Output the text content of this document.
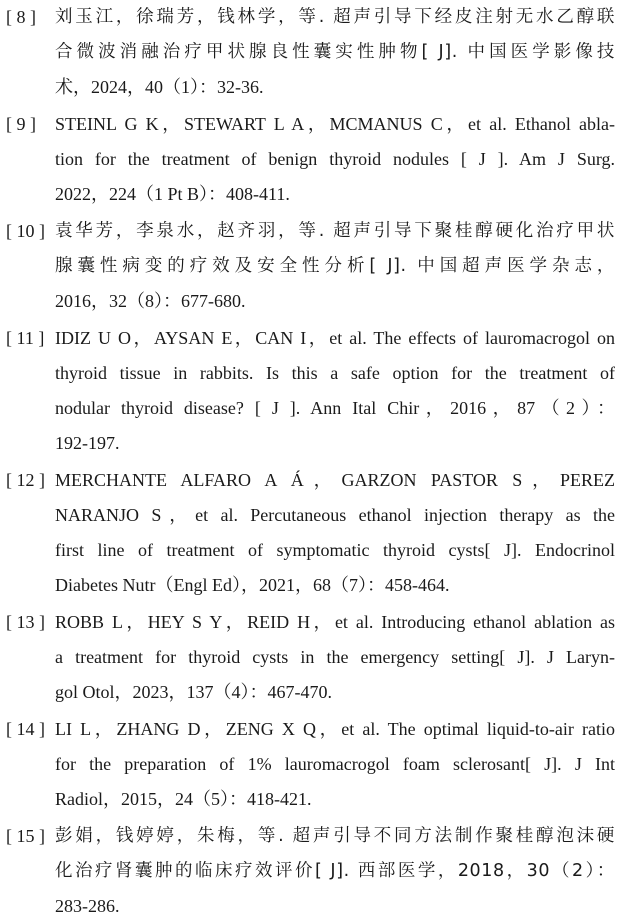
[ 8 ]	刘玉江，徐瑞芳，钱林学，等. 超声引导下经皮注射无水乙醇联
合微波消融治疗甲状腺良性囊实性肿物[ J]. 中国医学影像技
术，2024，40（1）：32-36.
[ 9 ]	STEINL G K，STEWART L A，MCMANUS C，et al. Ethanol abla-
tion for the treatment of benign thyroid nodules [ J ]. Am J Surg.
2022，224（1 Pt B）：408-411.
[ 10 ] 袁华芳，李泉水，赵齐羽，等. 超声引导下聚桂醇硬化治疗甲状
腺囊性病变的疗效及安全性分析[ J]. 中国超声医学杂志，
2016，32（8）：677-680.
[ 11 ] IDIZ U O，AYSAN E，CAN I，et al. The effects of lauromacrogol on
thyroid tissue in rabbits. Is this a safe option for the treatment of
nodular thyroid disease? [ J ]. Ann Ital Chir，2016，87（2）：
192-197.
[ 12 ] MERCHANTE ALFARO A Á，GARZON PASTOR S，PEREZ
NARANJO S，et al. Percutaneous ethanol injection therapy as the
first line of treatment of symptomatic thyroid cysts[ J]. Endocrinol
Diabetes Nutr（Engl Ed），2021，68（7）：458-464.
[ 13 ] ROBB L，HEY S Y，REID H，et al. Introducing ethanol ablation as
a treatment for thyroid cysts in the emergency setting[ J]. J Laryn-
gol Otol，2023，137（4）：467-470.
[ 14 ] LI L，ZHANG D，ZENG X Q，et al. The optimal liquid-to-air ratio
for the preparation of 1% lauromacrogol foam sclerosant[ J]. J Int
Radiol，2015，24（5）：418-421.
[ 15 ] 彭娟，钱婷婷，朱梅，等. 超声引导不同方法制作聚桂醇泡沫硬
化治疗肾囊肿的临床疗效评价[ J]. 西部医学，2018，30（2）：
283-286.
